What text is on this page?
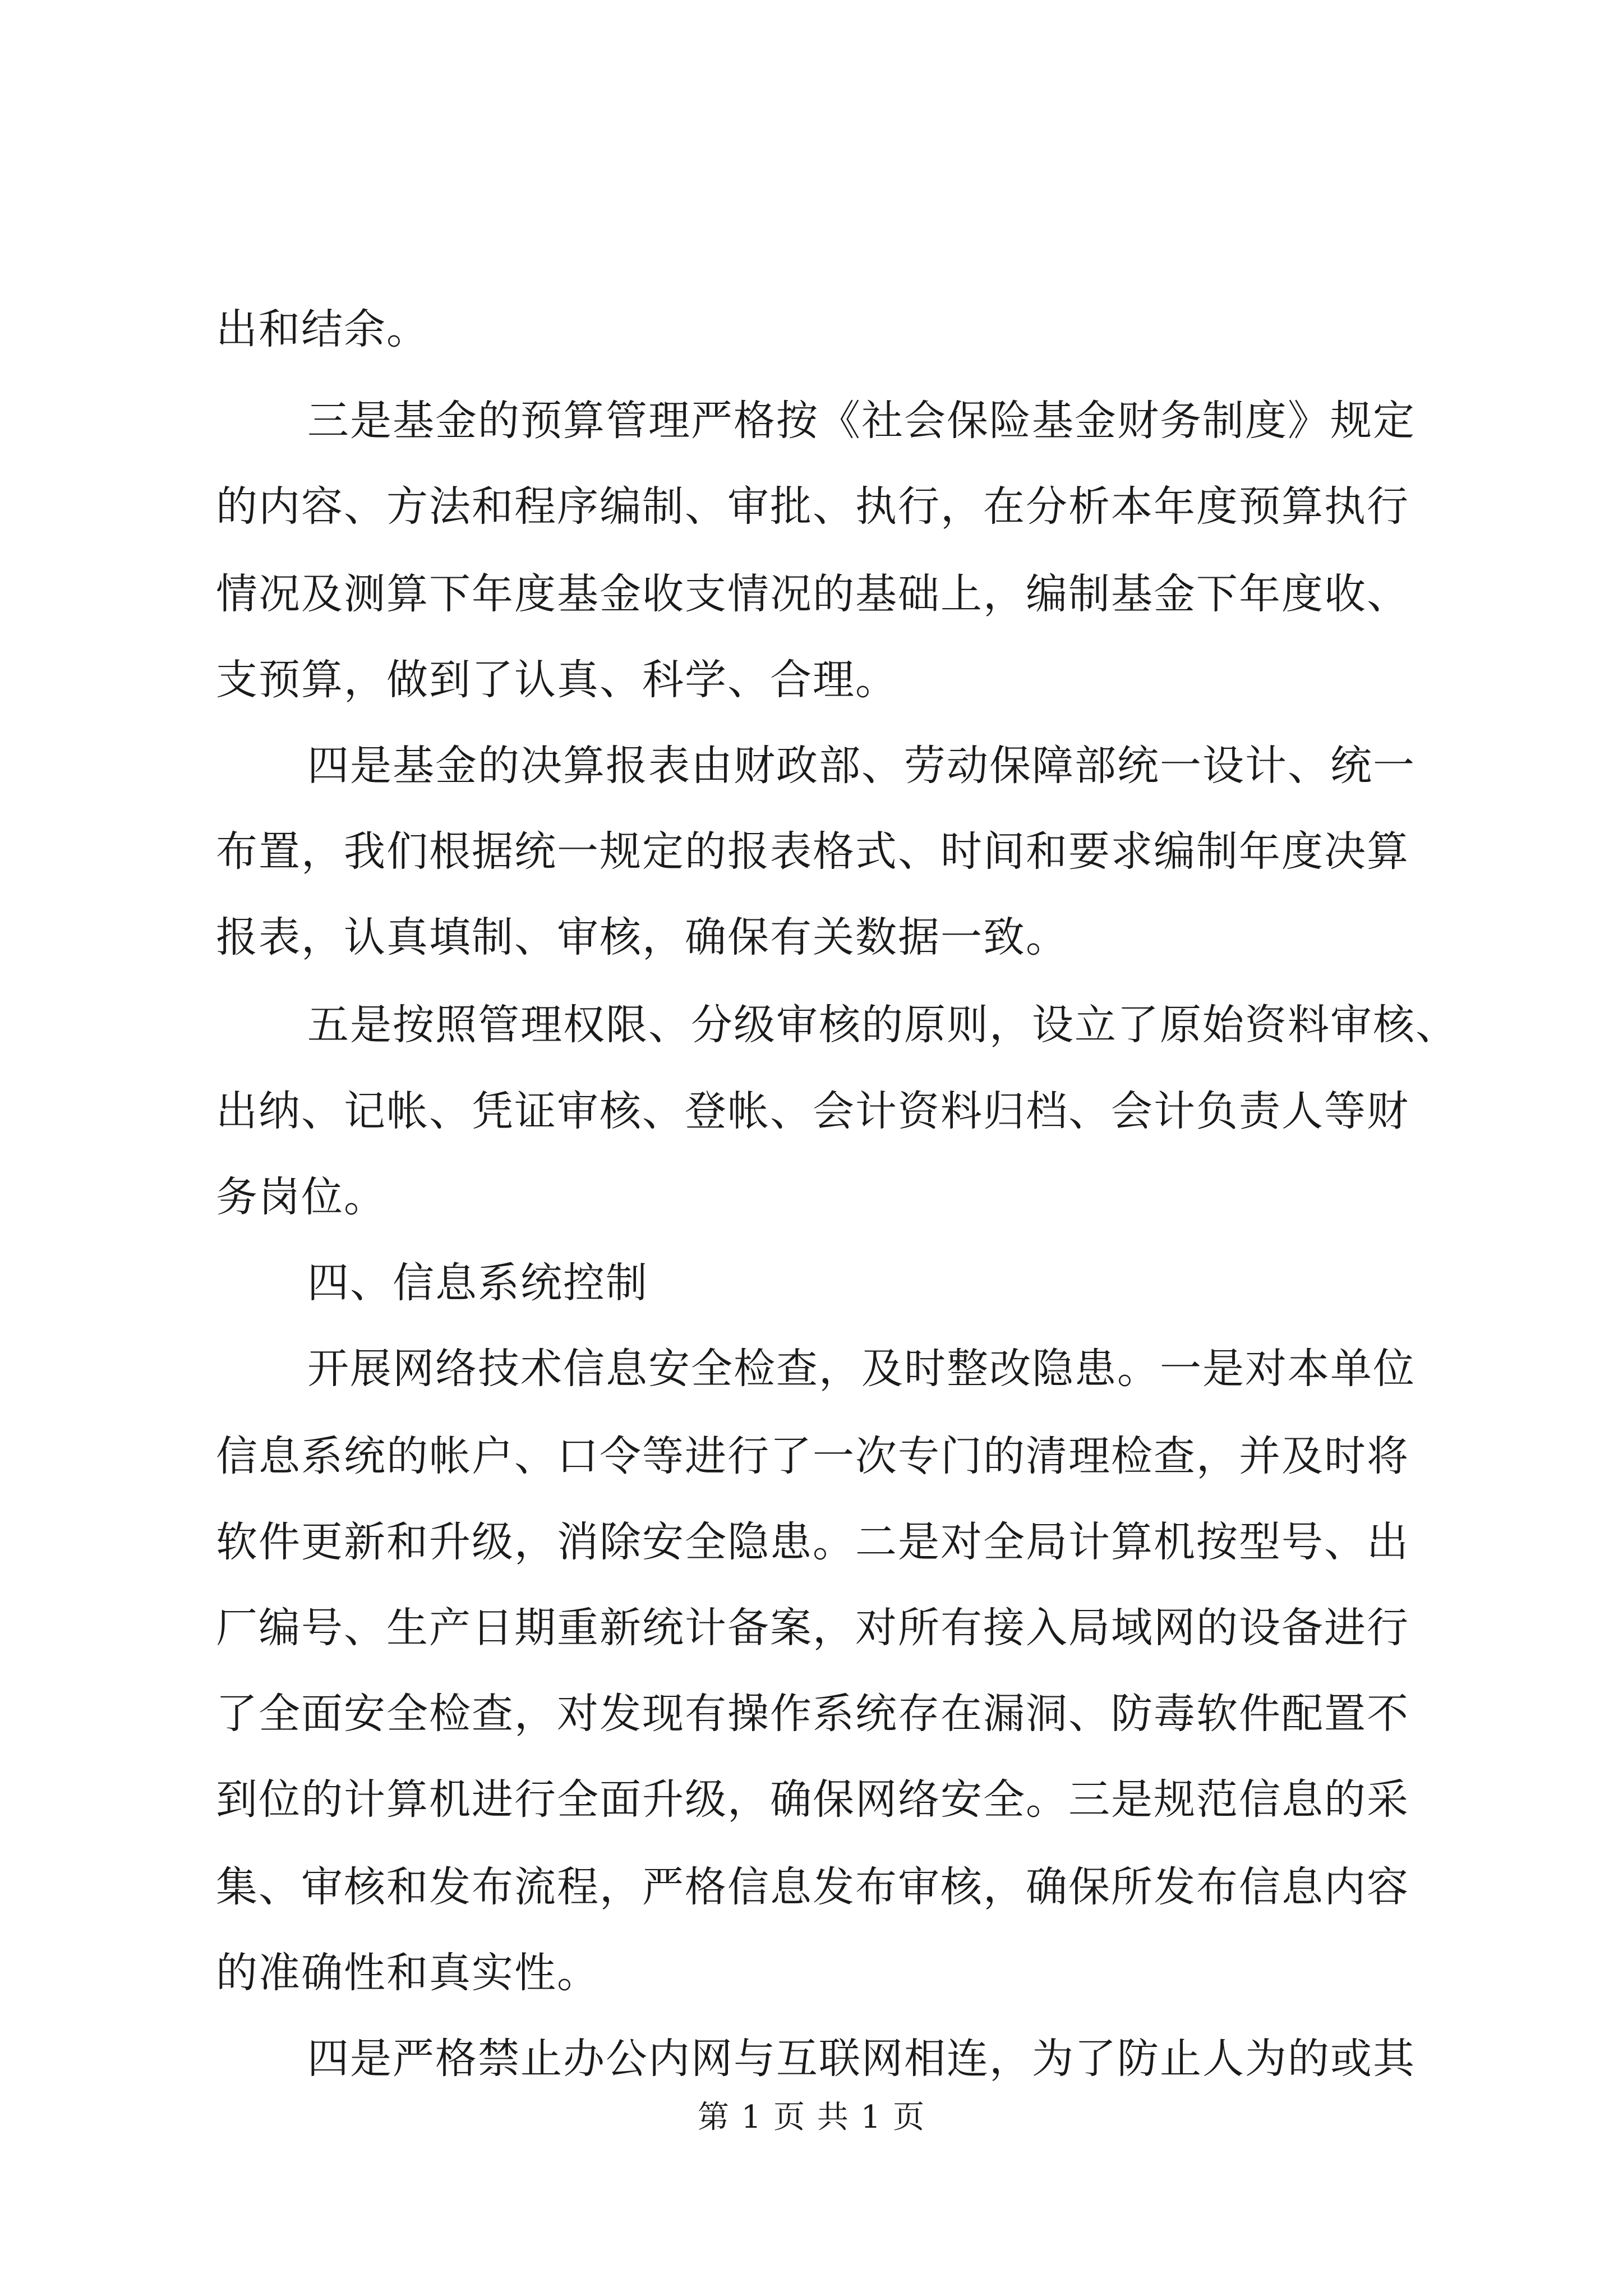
出和结余。
三是基金的预算管理严格按《社会保险基金财务制度》规定
的内容、方法和程序编制、审批、执行，在分析本年度预算执行
情况及测算下年度基金收支情况的基础上，编制基金下年度收、
支预算，做到了认真、科学、合理。
四是基金的决算报表由财政部、劳动保障部统一设计、统一
布置，我们根据统一规定的报表格式、时间和要求编制年度决算
报表，认真填制、审核，确保有关数据一致。
五是按照管理权限、分级审核的原则，设立了原始资料审核、
出纳、记帐、凭证审核、登帐、会计资料归档、会计负责人等财
务岗位。
四、信息系统控制
开展网络技术信息安全检查，及时整改隐患。一是对本单位
信息系统的帐户、口令等进行了一次专门的清理检查，并及时将
软件更新和升级，消除安全隐患。二是对全局计算机按型号、出
厂编号、生产日期重新统计备案，对所有接入局域网的设备进行
了全面安全检查，对发现有操作系统存在漏洞、防毒软件配置不
到位的计算机进行全面升级，确保网络安全。三是规范信息的采
集、审核和发布流程，严格信息发布审核，确保所发布信息内容
的准确性和真实性。
四是严格禁止办公内网与互联网相连，为了防止人为的或其
第 1 页 共 1 页
